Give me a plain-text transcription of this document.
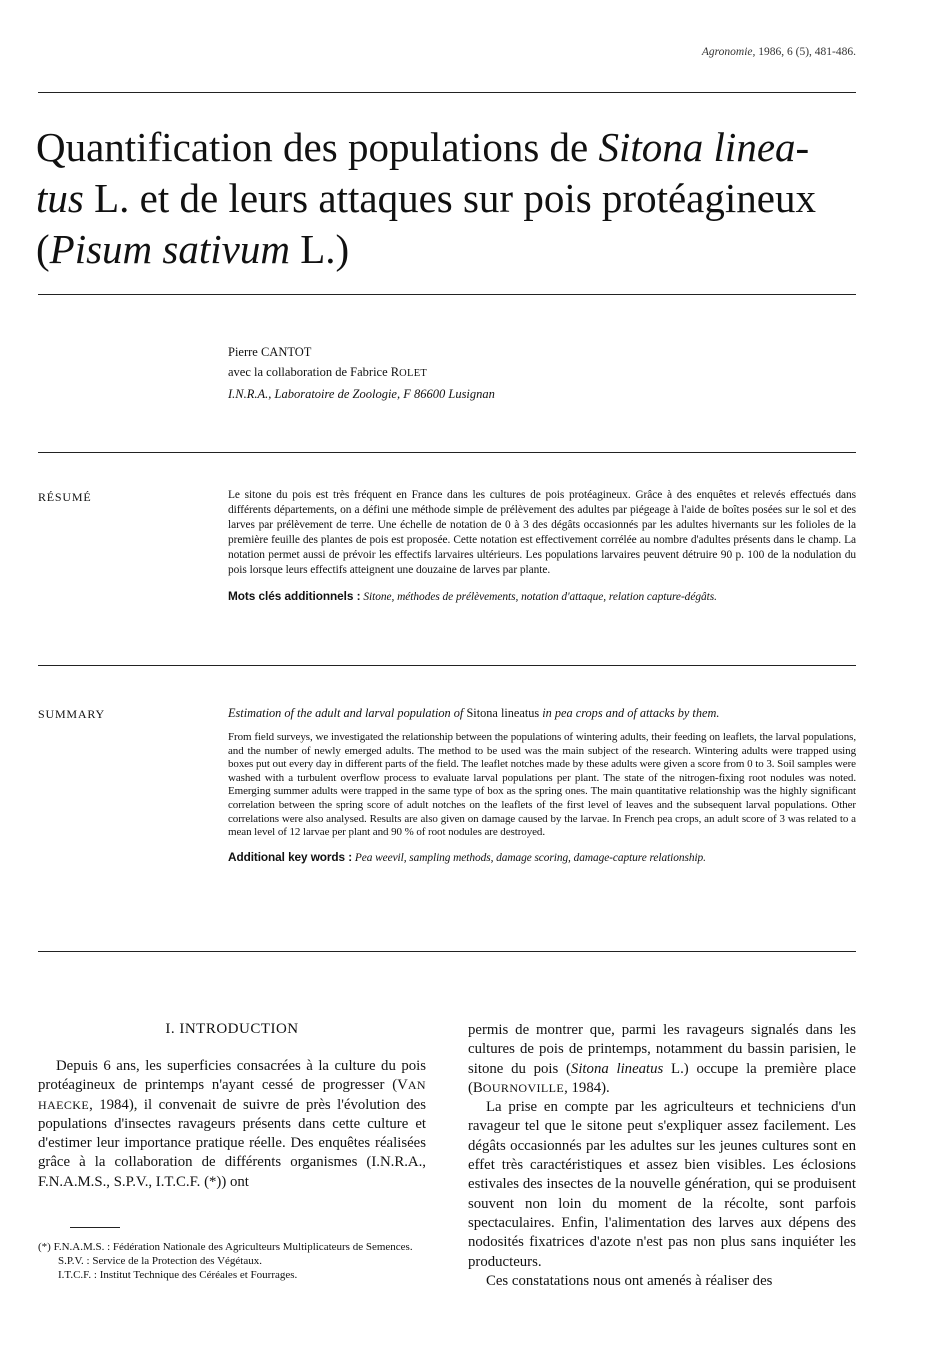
Agronomie, 1986, 6 (5), 481-486.
Quantification des populations de Sitona linea-
tus L. et de leurs attaques sur pois protéagineux
(Pisum sativum L.)
Pierre CANTOT
avec la collaboration de Fabrice ROLET
I.N.R.A., Laboratoire de Zoologie, F 86600 Lusignan
RÉSUMÉ	Le sitone du pois est très fréquent en France dans les cultures de pois protéagineux. Grâce à des enquêtes et relevés effectués dans différents départements, on a défini une méthode simple de prélèvement des adultes par piégeage à l'aide de boîtes posées sur le sol et des larves par prélèvement de terre. Une échelle de notation de 0 à 3 des dégâts occasionnés par les adultes hivernants sur les folioles de la première feuille des plantes de pois est proposée. Cette notation est effectivement corrélée au nombre d'adultes présents dans le champ. La notation permet aussi de prévoir les effectifs larvaires ultérieurs. Les populations larvaires peuvent détruire 90 p. 100 de la nodulation du pois lorsque leurs effectifs atteignent une douzaine de larves par plante.
Mots clés additionnels : Sitone, méthodes de prélèvements, notation d'attaque, relation capture-dégâts.
SUMMARY	Estimation of the adult and larval population of Sitona lineatus in pea crops and of attacks by them.
From field surveys, we investigated the relationship between the populations of wintering adults, their feeding on leaflets, the larval populations, and the number of newly emerged adults. The method to be used was the main subject of the research. Wintering adults were trapped using boxes put out every day in different parts of the field. The leaflet notches made by these adults were given a score from 0 to 3. Soil samples were washed with a turbulent overflow process to evaluate larval populations per plant. The state of the nitrogen-fixing root nodules was noted. Emerging summer adults were trapped in the same type of box as the spring ones. The main quantitative relationship was the highly significant correlation between the spring score of adult notches on the leaflets of the first level of leaves and the subsequent larval populations. Other correlations were also analysed. Results are also given on damage caused by the larvae. In French pea crops, an adult score of 3 was related to a mean level of 12 larvae per plant and 90 % of root nodules are destroyed.
Additional key words : Pea weevil, sampling methods, damage scoring, damage-capture relationship.
I. INTRODUCTION

Depuis 6 ans, les superficies consacrées à la culture du pois protéagineux de printemps n'ayant cessé de progresser (VAN HAECKE, 1984), il convenait de suivre de près l'évolution des populations d'insectes ravageurs présents dans cette culture et d'estimer leur importance pratique réelle. Des enquêtes réalisées grâce à la collaboration de différents organismes (I.N.R.A., F.N.A.M.S., S.P.V., I.T.C.F. (*)) ont

(*) F.N.A.M.S. : Fédération Nationale des Agriculteurs Multiplicateurs de Semences.
S.P.V. : Service de la Protection des Végétaux.
I.T.C.F. : Institut Technique des Céréales et Fourrages.

permis de montrer que, parmi les ravageurs signalés dans les cultures de pois de printemps, notamment du bassin parisien, le sitone du pois (Sitona lineatus L.) occupe la première place (BOURNOVILLE, 1984).

La prise en compte par les agriculteurs et techniciens d'un ravageur tel que le sitone peut s'expliquer assez facilement. Les dégâts occasionnés par les adultes sur les jeunes cultures sont en effet très caractéristiques et assez bien visibles. Les éclosions estivales des insectes de la nouvelle génération, qui se produisent souvent non loin du moment de la récolte, sont parfois spectaculaires. Enfin, l'alimentation des larves aux dépens des nodosités fixatrices d'azote n'est pas non plus sans inquiéter les producteurs.

Ces constatations nous ont amenés à réaliser des
